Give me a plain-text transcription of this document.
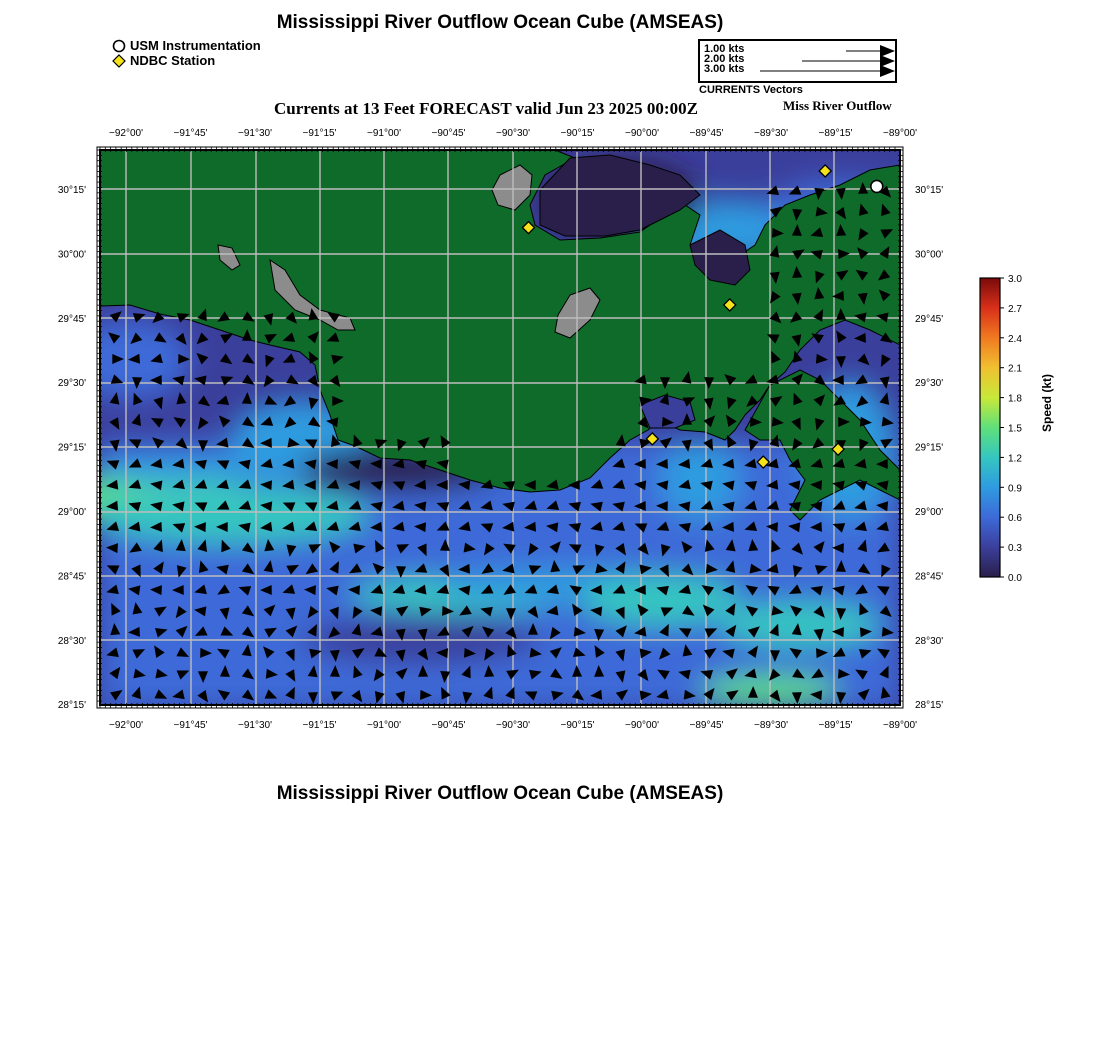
Mississippi River Outflow Ocean Cube (AMSEAS)
USM Instrumentation
NDBC Station
1.00 kts
2.00 kts
3.00 kts
CURRENTS Vectors
Currents at 13 Feet FORECAST valid Jun 23 2025 00:00Z	Miss River Outflow
−92°00'	−91°45'	−91°30'	−91°15'	−91°00'	−90°45'	−90°30'	−90°15'	−90°00'	−89°45'	−89°30'	−89°15'	−89°00'
−92°00'	−91°45'	−91°30'	−91°15'	−91°00'	−90°45'	−90°30'	−90°15'	−90°00'	−89°45'	−89°30'	−89°15'	−89°00'
30°15'
30°00'
29°45'
29°30'
29°15'
29°00'
28°45'
28°30'
28°15'
30°15'
30°00'
29°45'
29°30'
29°15'
29°00'
28°45'
28°30'
28°15'
3.0
2.7
2.4
2.1
1.8
1.5
1.2
0.9
0.6
0.3
0.0
Speed (kt)
Mississippi River Outflow Ocean Cube (AMSEAS)
